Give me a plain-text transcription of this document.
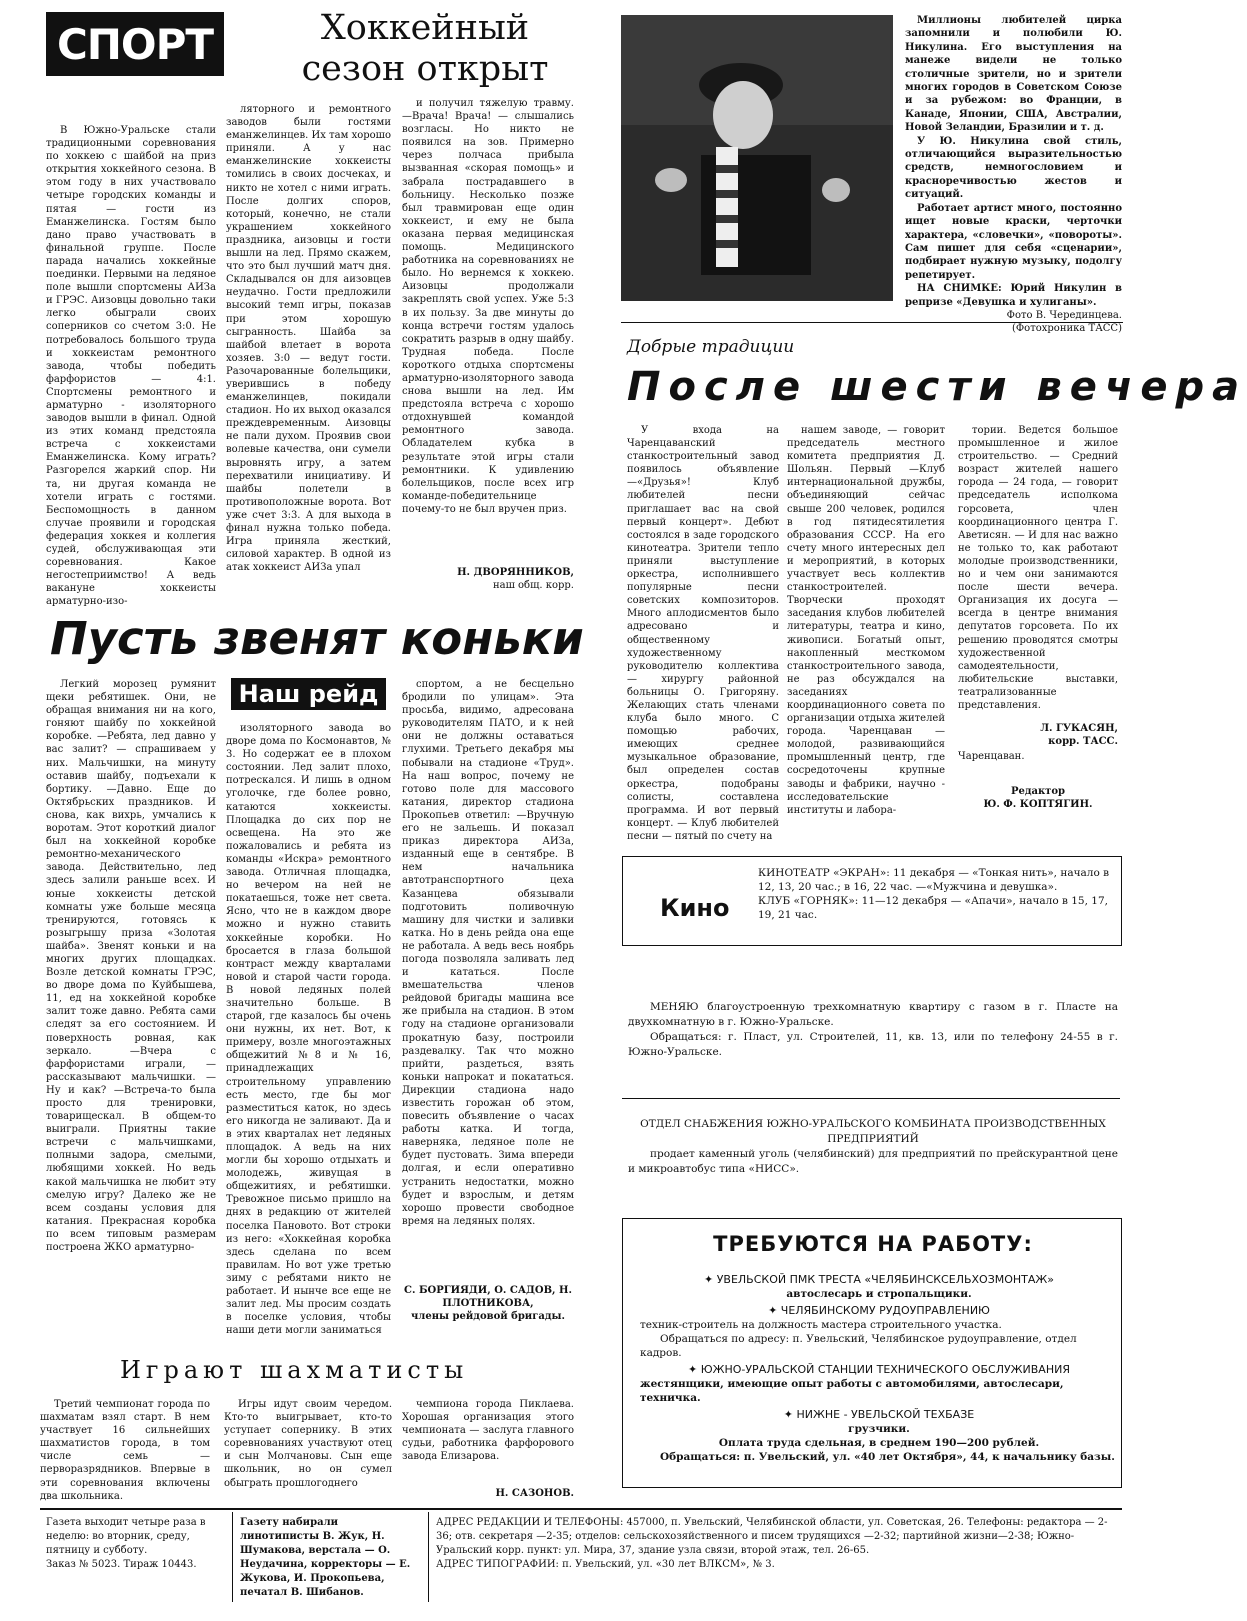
СПОРТ	Хоккейный
сезон открыт

В Южно-Уральске стали традиционными соревнования по хоккею с шайбой на приз открытия хоккейного сезона. В этом году в них участвовало четыре городских команды и пятая — гости из Еманжелинска. Гостям было дано право участвовать в финальной группе. После парада начались хоккейные поединки. Первыми на ледяное поле вышли спортсмены АИЗа и ГРЭС. Аизовцы довольно таки легко обыграли своих соперников со счетом 3:0. Не потребовалось большого труда и хоккеистам ремонтного завода, чтобы победить фарфористов — 4:1. Спортсмены ремонтного и арматурно - изоляторного заводов вышли в финал. Одной из этих команд предстояла встреча с хоккеистами Еманжелинска. Кому играть? Разгорелся жаркий спор. Ни та, ни другая команда не хотели играть с гостями. Беспомощность в данном случае проявили и городская федерация хоккея и коллегия судей, обслуживающая эти соревнования. Какое негостеприимство! А ведь вакануне хоккеисты арматурно-изо-

ляторного и ремонтного заводов были гостями еманжелинцев. Их там хорошо приняли. А у нас еманжелинские хоккеисты томились в своих досчеках, и никто не хотел с ними играть. После долгих споров, который, конечно, не стали украшением хоккейного праздника, аизовцы и гости вышли на лед. Прямо скажем, что это был лучший матч дня. Складывался он для аизовцев неудачно. Гости предложили высокий темп игры, показав при этом хорошую сыгранность. Шайба за шайбой влетает в ворота хозяев. 3:0 — ведут гости. Разочарованные болельщики, уверившись в победу еманжелинцев, покидали стадион. Но их выход оказался преждевременным. Аизовцы не пали духом. Проявив свои волевые качества, они сумели выровнять игру, а затем перехватили инициативу. И шайбы полетели в противоположные ворота. Вот уже счет 3:3. А для выхода в финал нужна только победа. Игра приняла жесткий, силовой характер. В одной из атак хоккеист АИЗа упал

и получил тяжелую травму. —Врача! Врача! — слышались возгласы. Но никто не появился на зов. Примерно через полчаса прибыла вызванная «скорая помощь» и забрала пострадавшего в больницу. Несколько позже был травмирован еще один хоккеист, и ему не была оказана первая медицинская помощь. Медицинского работника на соревнованиях не было. Но вернемся к хоккею. Аизовцы продолжали закреплять свой успех. Уже 5:3 в их пользу. За две минуты до конца встречи гостям удалось сократить разрыв в одну шайбу. Трудная победа. После короткого отдыха спортсмены арматурно-изоляторного завода снова вышли на лед. Им предстояла встреча с хорошо отдохнувшей командой ремонтного завода. Обладателем кубка в результате этой игры стали ремонтники. К удивлению болельщиков, после всех игр команде-победительнице почему-то не был вручен приз.

Н. ДВОРЯННИКОВ,
наш общ. корр.

Миллионы любителей цирка запомнили и полюбили Ю. Никулина. Его выступления на манеже видели не только столичные зрители, но и зрители многих городов в Советском Союзе и за рубежом: во Франции, в Канаде, Японии, США, Австралии, Новой Зеландии, Бразилии и т. д.

У Ю. Никулина свой стиль, отличающийся выразительностью средств, немногословием и красноречивостью жестов и ситуаций.

Работает артист много, постоянно ищет новые краски, черточки характера, «словечки», «повороты». Сам пишет для себя «сценарии», подбирает нужную музыку, подолгу репетирует.

НА СНИМКЕ: Юрий Никулин в репризе «Девушка и хулиганы».

Фото В. Черединцева.

(Фотохроника ТАСС)

Добрые традиции
После шести вечера

У входа на Чаренцаванский станкостроительный завод появилось объявление —«Друзья»! Клуб любителей песни приглашает вас на свой первый концерт». Дебют состоялся в заде городского кинотеатра. Зрители тепло приняли выступление оркестра, исполнившего популярные песни советских композиторов. Много аплодисментов было адресовано и общественному художественному руководителю коллектива — хирургу районной больницы О. Григоряну. Желающих стать членами клуба было много. С помощью рабочих, имеющих среднее музыкальное образование, был определен состав оркестра, подобраны солисты, составлена программа. И вот первый концерт. — Клуб любителей песни — пятый по счету на

нашем заводе, — говорит председатель местного комитета предприятия Д. Шольян. Первый —Клуб интернациональной дружбы, объединяющий сейчас свыше 200 человек, родился в год пятидесятилетия образования СССР. На его счету много интересных дел и мероприятий, в которых участвует весь коллектив станкостроителей. Творчески проходят заседания клубов любителей литературы, театра и кино, живописи. Богатый опыт, накопленный месткомом станкостроительного завода, не раз обсуждался на заседаниях координационного совета по организации отдыха жителей города. Чаренцаван — молодой, развивающийся промышленный центр, где сосредоточены крупные заводы и фабрики, научно - исследовательские институты и лабора-

тории. Ведется большое промышленное и жилое строительство. — Средний возраст жителей нашего города — 24 года, — говорит председатель исполкома горсовета, член координационного центра Г. Аветисян. — И для нас важно не только то, как работают молодые производственники, но и чем они занимаются после шести вечера. Организация их досуга — всегда в центре внимания депутатов горсовета. По их решению проводятся смотры художественной самодеятельности, любительские выставки, театрализованные представления.

Л. ГУКАСЯН,
корр. ТАСС.
Чаренцаван.
Редактор
Ю. Ф. КОПТЯГИН.
Пусть звенят коньки

Легкий морозец румянит щеки ребятишек. Они, не обращая внимания ни на кого, гоняют шайбу по хоккейной коробке. —Ребята, лед давно у вас залит? — спрашиваем у них. Мальчишки, на минуту оставив шайбу, подъехали к бортику. —Давно. Еще до Октябрьских праздников. И снова, как вихрь, умчались к воротам. Этот короткий диалог был на хоккейной коробке ремонтно-механического завода. Действительно, лед здесь залили раньше всех. И юные хоккеисты детской комнаты уже больше месяца тренируются, готовясь к розыгрышу приза «Золотая шайба». Звенят коньки и на многих других площадках. Возле детской комнаты ГРЭС, во дворе дома по Куйбышева, 11, ед на хоккейной коробке залит тоже давно. Ребята сами следят за его состоянием. И поверхность ровная, как зеркало. —Вчера с фарфористами играли, — рассказывают мальчишки. —Ну и как? —Встреча-то была просто для тренировки, товарищескал. В общем-то выиграли. Приятны такие встречи с мальчишками, полными задора, смелыми, любящими хоккей. Но ведь какой мальчишка не любит эту смелую игру? Далеко же не всем созданы условия для катания. Прекрасная коробка по всем типовым размерам построена ЖКО арматурно-

Наш рейд

изоляторного завода во дворе дома по Космонавтов, № 3. Но содержат ее в плохом состоянии. Лед залит плохо, потрескался. И лишь в одном уголочке, где более ровно, катаются хоккеисты. Площадка до сих пор не освещена. На это же пожаловались и ребята из команды «Искра» ремонтного завода. Отличная площадка, но вечером на ней не покатаешься, тоже нет света. Ясно, что не в каждом дворе можно и нужно ставить хоккейные коробки. Но бросается в глаза большой контраст между кварталами новой и старой части города. В новой ледяных полей значительно больше. В старой, где казалось бы очень они нужны, их нет. Вот, к примеру, возле многоэтажных общежитий №8 и № 16, принадлежащих строительному управлению есть место, где бы мог разместиться каток, но здесь его никогда не заливают. Да и в этих кварталах нет ледяных площадок. А ведь на них могли бы хорошо отдыхать и молодежь, живущая в общежитиях, и ребятишки. Тревожное письмо пришло на днях в редакцию от жителей поселка Пановото. Вот строки из него: «Хоккейная коробка здесь сделана по всем правилам. Но вот уже третью зиму с ребятами никто не работает. И нынче все еще не залит лед. Мы просим создать в поселке условия, чтобы наши дети могли заниматься

спортом, а не бесцельно бродили по улицам». Эта просьба, видимо, адресована руководителям ПАТО, и к ней они не должны оставаться глухими. Третьего декабря мы побывали на стадионе «Труд». На наш вопрос, почему не готово поле для массового катания, директор стадиона Прокопьев ответил: —Вручную его не зальешь. И показал приказ директора АИЗа, изданный еще в сентябре. В нем начальника автотранспортного цеха Казанцева обязывали подготовить поливочную машину для чистки и заливки катка. Но в день рейда она еще не работала. А ведь весь ноябрь погода позволяла заливать лед и кататься. После вмешательства членов рейдовой бригады машина все же прибыла на стадион. В этом году на стадионе организовали прокатную базу, построили раздевалку. Так что можно прийти, раздеться, взять коньки напрокат и покататься. Дирекции стадиона надо известить горожан об этом, повесить объявление о часах работы катка. И тогда, наверняка, ледяное поле не будет пустовать. Зима впереди долгая, и если оперативно устранить недостатки, можно будет и взрослым, и детям хорошо провести свободное время на ледяных полях.

С. БОРГИЯДИ, О. САДОВ, Н. ПЛОТНИКОВА,
члены рейдовой бригады.
Играют шахматисты

Третий чемпионат города по шахматам взял старт. В нем участвует 16 сильнейших шахматистов города, в том числе семь — перворазрядников. Впервые в эти соревнования включены два школьника.

Игры идут своим чередом. Кто-то выигрывает, кто-то уступает сопернику. В этих соревнованиях участвуют отец и сын Молчановы. Сын еще школьник, но он сумел обыграть прошлогоднего

чемпиона города Пиклаева. Хорошая организация этого чемпионата — заслуга главного судьи, работника фарфорового завода Елизарова.

Н. САЗОНОВ.
Кино
КИНОТЕАТР «ЭКРАН»: 11 декабря — «Тонкая нить», начало в 12, 13, 20 час.; в 16, 22 час. —«Мужчина и девушка».
КЛУБ «ГОРНЯК»: 11—12 декабря — «Апачи», начало в 15, 17, 19, 21 час.

МЕНЯЮ благоустроенную трехкомнатную квартиру с газом в г. Пласте на двухкомнатную в г. Южно-Уральске.

Обращаться: г. Пласт, ул. Строителей, 11, кв. 13, или по телефону 24-55 в г. Южно-Уральске.

ОТДЕЛ СНАБЖЕНИЯ ЮЖНО-УРАЛЬСКОГО КОМБИНАТА ПРОИЗВОДСТВЕННЫХ ПРЕДПРИЯТИЙ
продает каменный уголь (челябинский) для предприятий по прейскурантной цене и микроавтобус типа «НИСС».
ТРЕБУЮТСЯ НА РАБОТУ:

✦ УВЕЛЬСКОЙ ПМК ТРЕСТА «ЧЕЛЯБИНСКСЕЛЬХОЗМОНТАЖ»

автослесарь и стропальщики.

✦ ЧЕЛЯБИНСКОМУ РУДОУПРАВЛЕНИЮ

техник-строитель на должность мастера строительного участка.

Обращаться по адресу: п. Увельский, Челябинское рудоуправление, отдел кадров.

✦ ЮЖНО-УРАЛЬСКОЙ СТАНЦИИ ТЕХНИЧЕСКОГО ОБСЛУЖИВАНИЯ

жестянщики, имеющие опыт работы с автомобилями, автослесари, техничка.

✦ НИЖНЕ - УВЕЛЬСКОЙ ТЕХБАЗЕ

грузчики.

Оплата труда сдельная, в среднем 190—200 рублей.

Обращаться: п. Увельский, ул. «40 лет Октября», 44, к начальнику базы.

Газета выходит четыре раза в неделю: во вторник, среду, пятницу и субботу.
Заказ № 5023. Тираж 10443.
Газету набирали линотиписты В. Жук, Н. Шумакова, верстала — О. Неудачина, корректоры — Е. Жукова, И. Прокопьева, печатал В. Шибанов.
АДРЕС РЕДАКЦИИ И ТЕЛЕФОНЫ: 457000, п. Увельский, Челябинской области, ул. Советская, 26. Телефоны: редактора — 2-36; отв. секретаря —2-35; отделов: сельскохозяйственного и писем трудящихся —2-32; партийной жизни—2-38; Южно-Уральский корр. пункт: ул. Мира, 37, здание узла связи, второй этаж, тел. 26-65.
АДРЕС ТИПОГРАФИИ: п. Увельский, ул. «30 лет ВЛКСМ», № 3.
